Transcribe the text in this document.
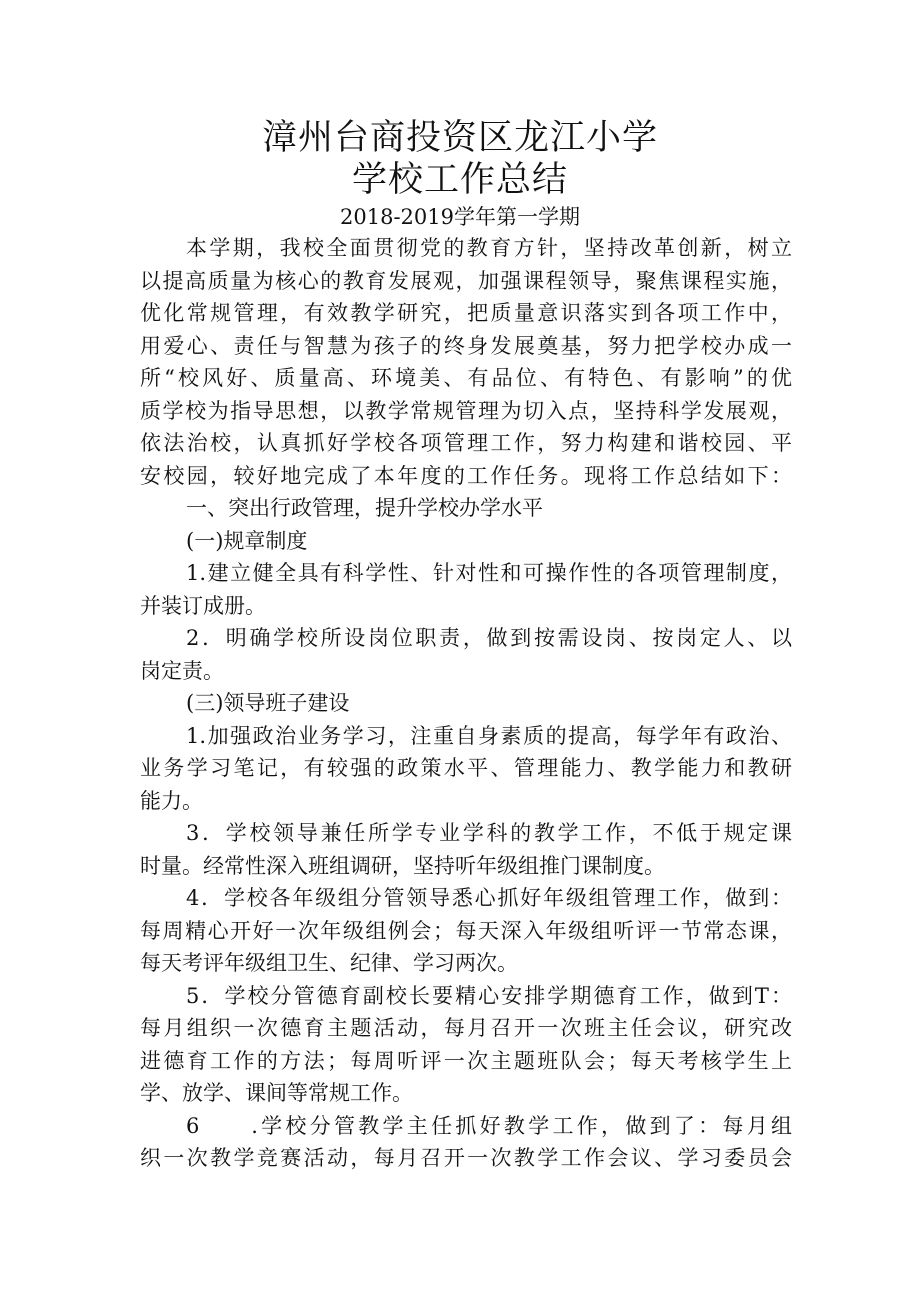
漳州台商投资区龙江小学
学校工作总结
2018-2019学年第一学期
本学期，我校全面贯彻党的教育方针，坚持改革创新，树立
以提高质量为核心的教育发展观，加强课程领导，聚焦课程实施，
优化常规管理，有效教学研究，把质量意识落实到各项工作中，
用爱心、责任与智慧为孩子的终身发展奠基，努力把学校办成一
所“校风好、质量高、环境美、有品位、有特色、有影响”的优
质学校为指导思想，以教学常规管理为切入点，坚持科学发展观，
依法治校，认真抓好学校各项管理工作，努力构建和谐校园、平
安校园，较好地完成了本年度的工作任务。现将工作总结如下：
一、突出行政管理，提升学校办学水平
(一)规章制度
1.建立健全具有科学性、针对性和可操作性的各项管理制度，
并装订成册。
2．明确学校所设岗位职责，做到按需设岗、按岗定人、以
岗定责。
(三)领导班子建设
1.加强政治业务学习，注重自身素质的提高，每学年有政治、
业务学习笔记，有较强的政策水平、管理能力、教学能力和教研
能力。
3．学校领导兼任所学专业学科的教学工作，不低于规定课
时量。经常性深入班组调研，坚持听年级组推门课制度。
4．学校各年级组分管领导悉心抓好年级组管理工作，做到：
每周精心开好一次年级组例会；每天深入年级组听评一节常态课，
每天考评年级组卫生、纪律、学习两次。
5．学校分管德育副校长要精心安排学期德育工作，做到T：
每月组织一次德育主题活动，每月召开一次班主任会议，研究改
进德育工作的方法；每周听评一次主题班队会；每天考核学生上
学、放学、课间等常规工作。
6　　.学校分管教学主任抓好教学工作，做到了：每月组
织一次教学竞赛活动，每月召开一次教学工作会议、学习委员会
